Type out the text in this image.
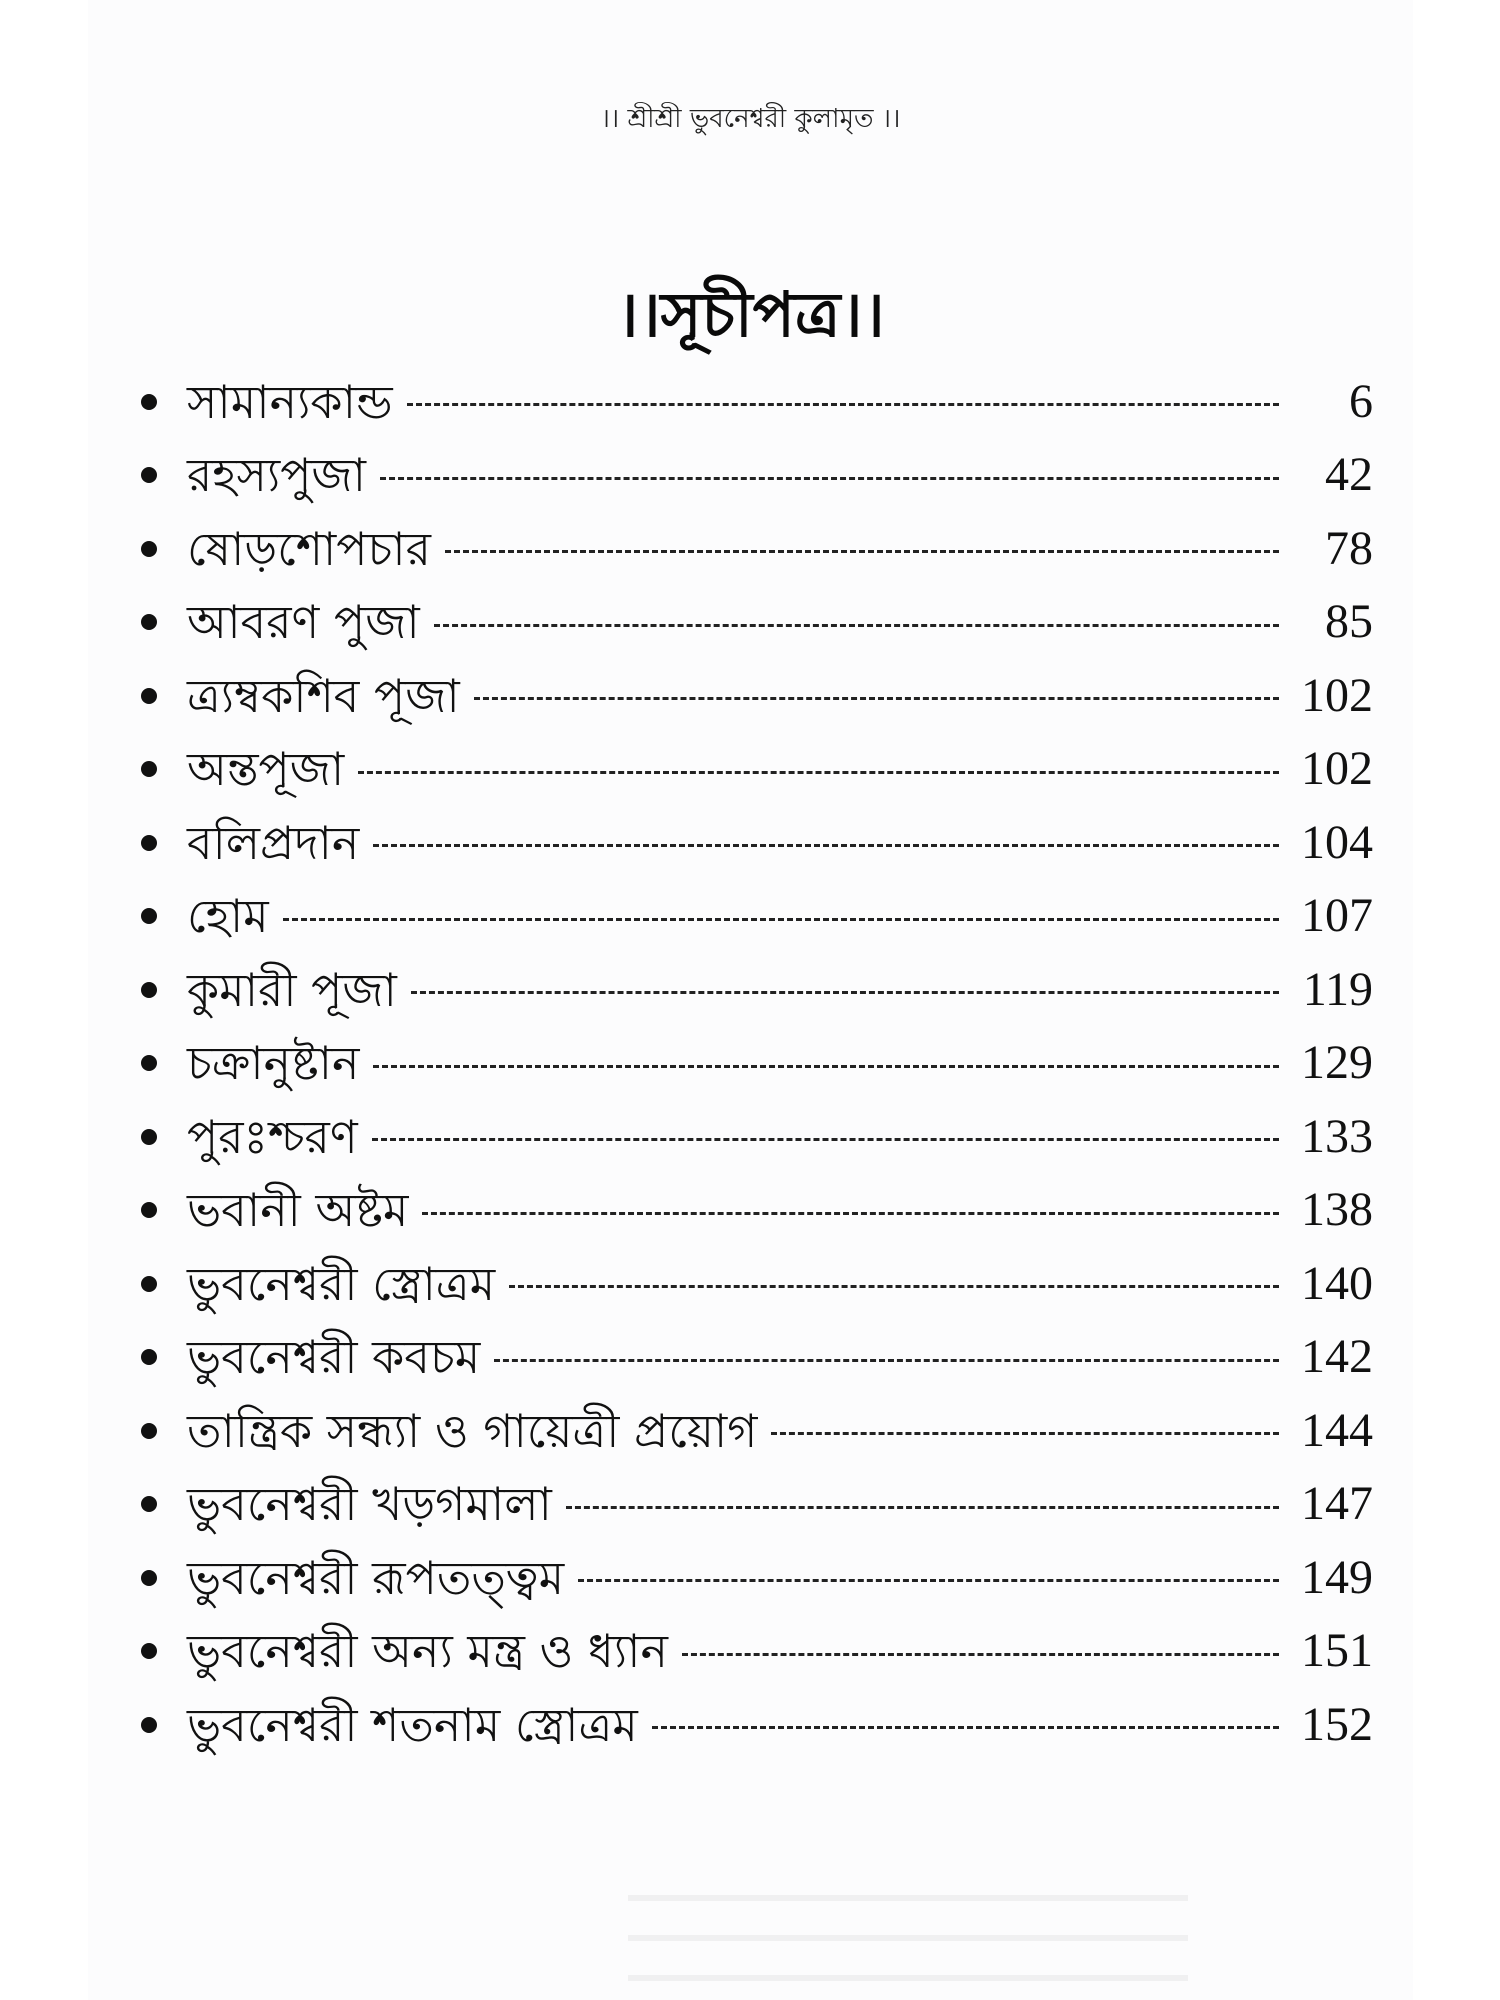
।। শ্রীশ্রী ভুবনেশ্বরী কুলামৃত ।।
।।সূচীপত্র।।
সামান্যকান্ড	6
রহস্যপুজা	42
ষোড়শোপচার	78
আবরণ পুজা	85
ত্র্যম্বকশিব পূজা	102
অন্তপূজা	102
বলিপ্রদান	104
হোম	107
কুমারী পূজা	119
চক্রানুষ্টান	129
পুরঃশ্চরণ	133
ভবানী অষ্টম	138
ভুবনেশ্বরী স্ত্রোত্রম	140
ভুবনেশ্বরী কবচম	142
তান্ত্রিক সন্ধ্যা ও গায়েত্রী প্রয়োগ	144
ভুবনেশ্বরী খড়গমালা	147
ভুবনেশ্বরী রূপতত্ত্বম	149
ভুবনেশ্বরী অন্য মন্ত্র ও ধ্যান	151
ভুবনেশ্বরী শতনাম স্ত্রোত্রম	152
